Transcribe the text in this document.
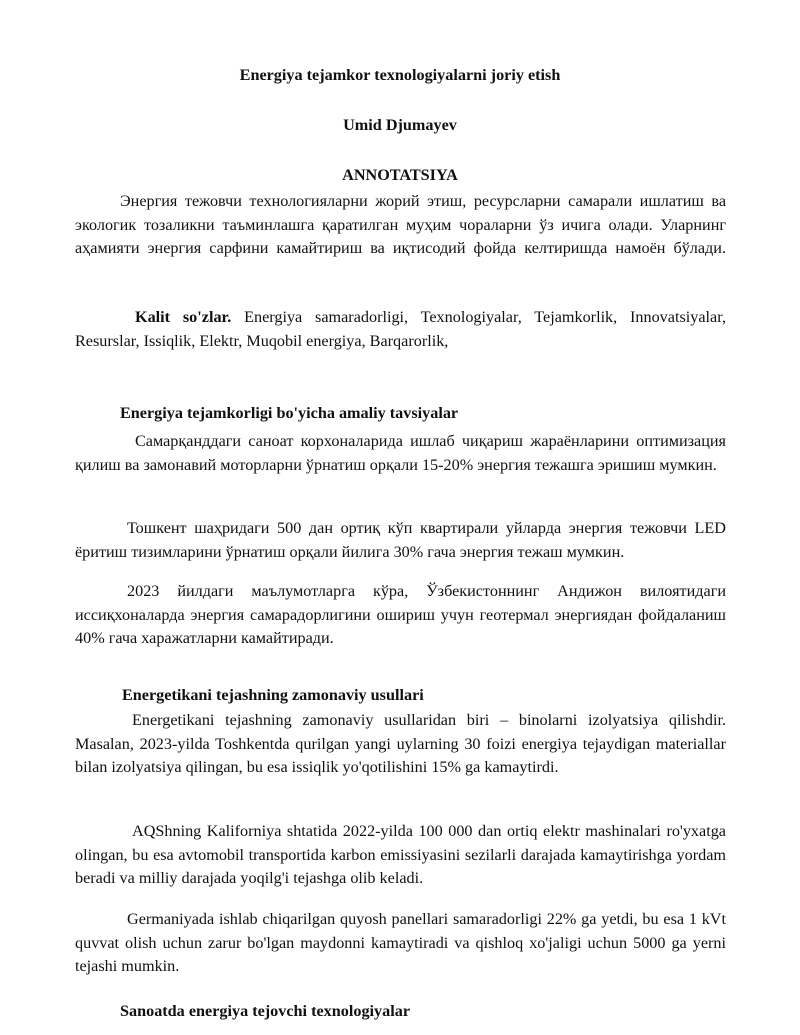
Energiya tejamkor texnologiyalarni joriy etish
Umid Djumayev
ANNOTATSIYA

Энергия тежовчи технологияларни жорий этиш, ресурсларни самарали ишлатиш ва экологик тозаликни таъминлашга қаратилган муҳим чораларни ўз ичига олади. Уларнинг аҳамияти энергия сарфини камайтириш ва иқтисодий фойда келтиришда намоён бўлади.

Kalit so'zlar. Energiya samaradorligi, Texnologiyalar, Tejamkorlik, Innovatsiyalar, Resurslar, Issiqlik, Elektr, Muqobil energiya, Barqarorlik,

Energiya tejamkorligi bo'yicha amaliy tavsiyalar

Самарқанддаги саноат корхоналарида ишлаб чиқариш жараёнларини оптимизация қилиш ва замонавий моторларни ўрнатиш орқали 15-20% энергия тежашга эришиш мумкин.

Тошкент шаҳридаги 500 дан ортиқ кўп квартирали уйларда энергия тежовчи LED ёритиш тизимларини ўрнатиш орқали йилига 30% гача энергия тежаш мумкин.

2023 йилдаги маълумотларга кўра, Ўзбекистоннинг Андижон вилоятидаги иссиқхоналарда энергия самарадорлигини ошириш учун геотермал энергиядан фойдаланиш 40% гача харажатларни камайтиради.

Energetikani tejashning zamonaviy usullari

Energetikani tejashning zamonaviy usullaridan biri – binolarni izolyatsiya qilishdir. Masalan, 2023-yilda Toshkentda qurilgan yangi uylarning 30 foizi energiya tejaydigan materiallar bilan izolyatsiya qilingan, bu esa issiqlik yo'qotilishini 15% ga kamaytirdi.

AQShning Kaliforniya shtatida 2022-yilda 100 000 dan ortiq elektr mashinalari ro'yxatga olingan, bu esa avtomobil transportida karbon emissiyasini sezilarli darajada kamaytirishga yordam beradi va milliy darajada yoqilg'i tejashga olib keladi.

Germaniyada ishlab chiqarilgan quyosh panellari samaradorligi 22% ga yetdi, bu esa 1 kVt quvvat olish uchun zarur bo'lgan maydonni kamaytiradi va qishloq xo'jaligi uchun 5000 ga yerni tejashi mumkin.

Sanoatda energiya tejovchi texnologiyalar
